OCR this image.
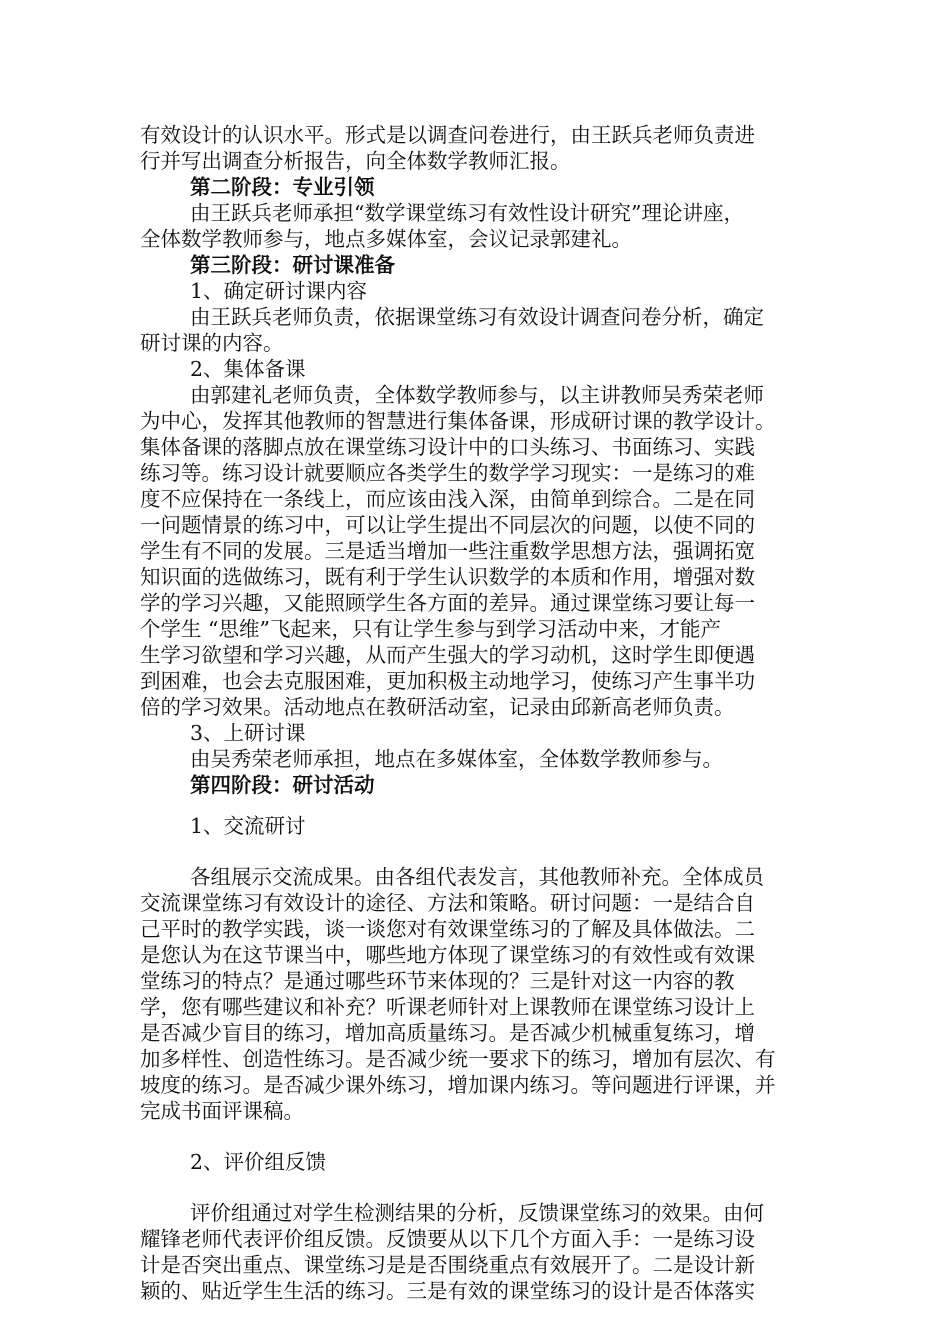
有效设计的认识水平。形式是以调查问卷进行，由王跃兵老师负责进
行并写出调查分析报告，向全体数学教师汇报。
第二阶段：专业引领
由王跃兵老师承担“数学课堂练习有效性设计研究”理论讲座，
全体数学教师参与，地点多媒体室，会议记录郭建礼。
第三阶段：研讨课准备
1、确定研讨课内容
由王跃兵老师负责，依据课堂练习有效设计调查问卷分析，确定
研讨课的内容。
2、集体备课
由郭建礼老师负责，全体数学教师参与，以主讲教师吴秀荣老师
为中心，发挥其他教师的智慧进行集体备课，形成研讨课的教学设计。
集体备课的落脚点放在课堂练习设计中的口头练习、书面练习、实践
练习等。练习设计就要顺应各类学生的数学学习现实：一是练习的难
度不应保持在一条线上，而应该由浅入深，由简单到综合。二是在同
一问题情景的练习中，可以让学生提出不同层次的问题，以使不同的
学生有不同的发展。三是适当增加一些注重数学思想方法，强调拓宽
知识面的选做练习，既有利于学生认识数学的本质和作用，增强对数
学的学习兴趣，又能照顾学生各方面的差异。通过课堂练习要让每一
个学生 “思维”飞起来，只有让学生参与到学习活动中来，才能产
生学习欲望和学习兴趣，从而产生强大的学习动机，这时学生即便遇
到困难，也会去克服困难，更加积极主动地学习，使练习产生事半功
倍的学习效果。活动地点在教研活动室，记录由邱新高老师负责。
3、上研讨课
由吴秀荣老师承担，地点在多媒体室，全体数学教师参与。
第四阶段：研讨活动
1、交流研讨
各组展示交流成果。由各组代表发言，其他教师补充。全体成员
交流课堂练习有效设计的途径、方法和策略。研讨问题：一是结合自
己平时的教学实践，谈一谈您对有效课堂练习的了解及具体做法。二
是您认为在这节课当中，哪些地方体现了课堂练习的有效性或有效课
堂练习的特点？是通过哪些环节来体现的？三是针对这一内容的教
学，您有哪些建议和补充？听课老师针对上课教师在课堂练习设计上
是否减少盲目的练习，增加高质量练习。是否减少机械重复练习，增
加多样性、创造性练习。是否减少统一要求下的练习，增加有层次、有
坡度的练习。是否减少课外练习，增加课内练习。等问题进行评课，并
完成书面评课稿。
2、评价组反馈
评价组通过对学生检测结果的分析，反馈课堂练习的效果。由何
耀锋老师代表评价组反馈。反馈要从以下几个方面入手：一是练习设
计是否突出重点、课堂练习是是否围绕重点有效展开了。二是设计新
颖的、贴近学生生活的练习。三是有效的课堂练习的设计是否体落实
